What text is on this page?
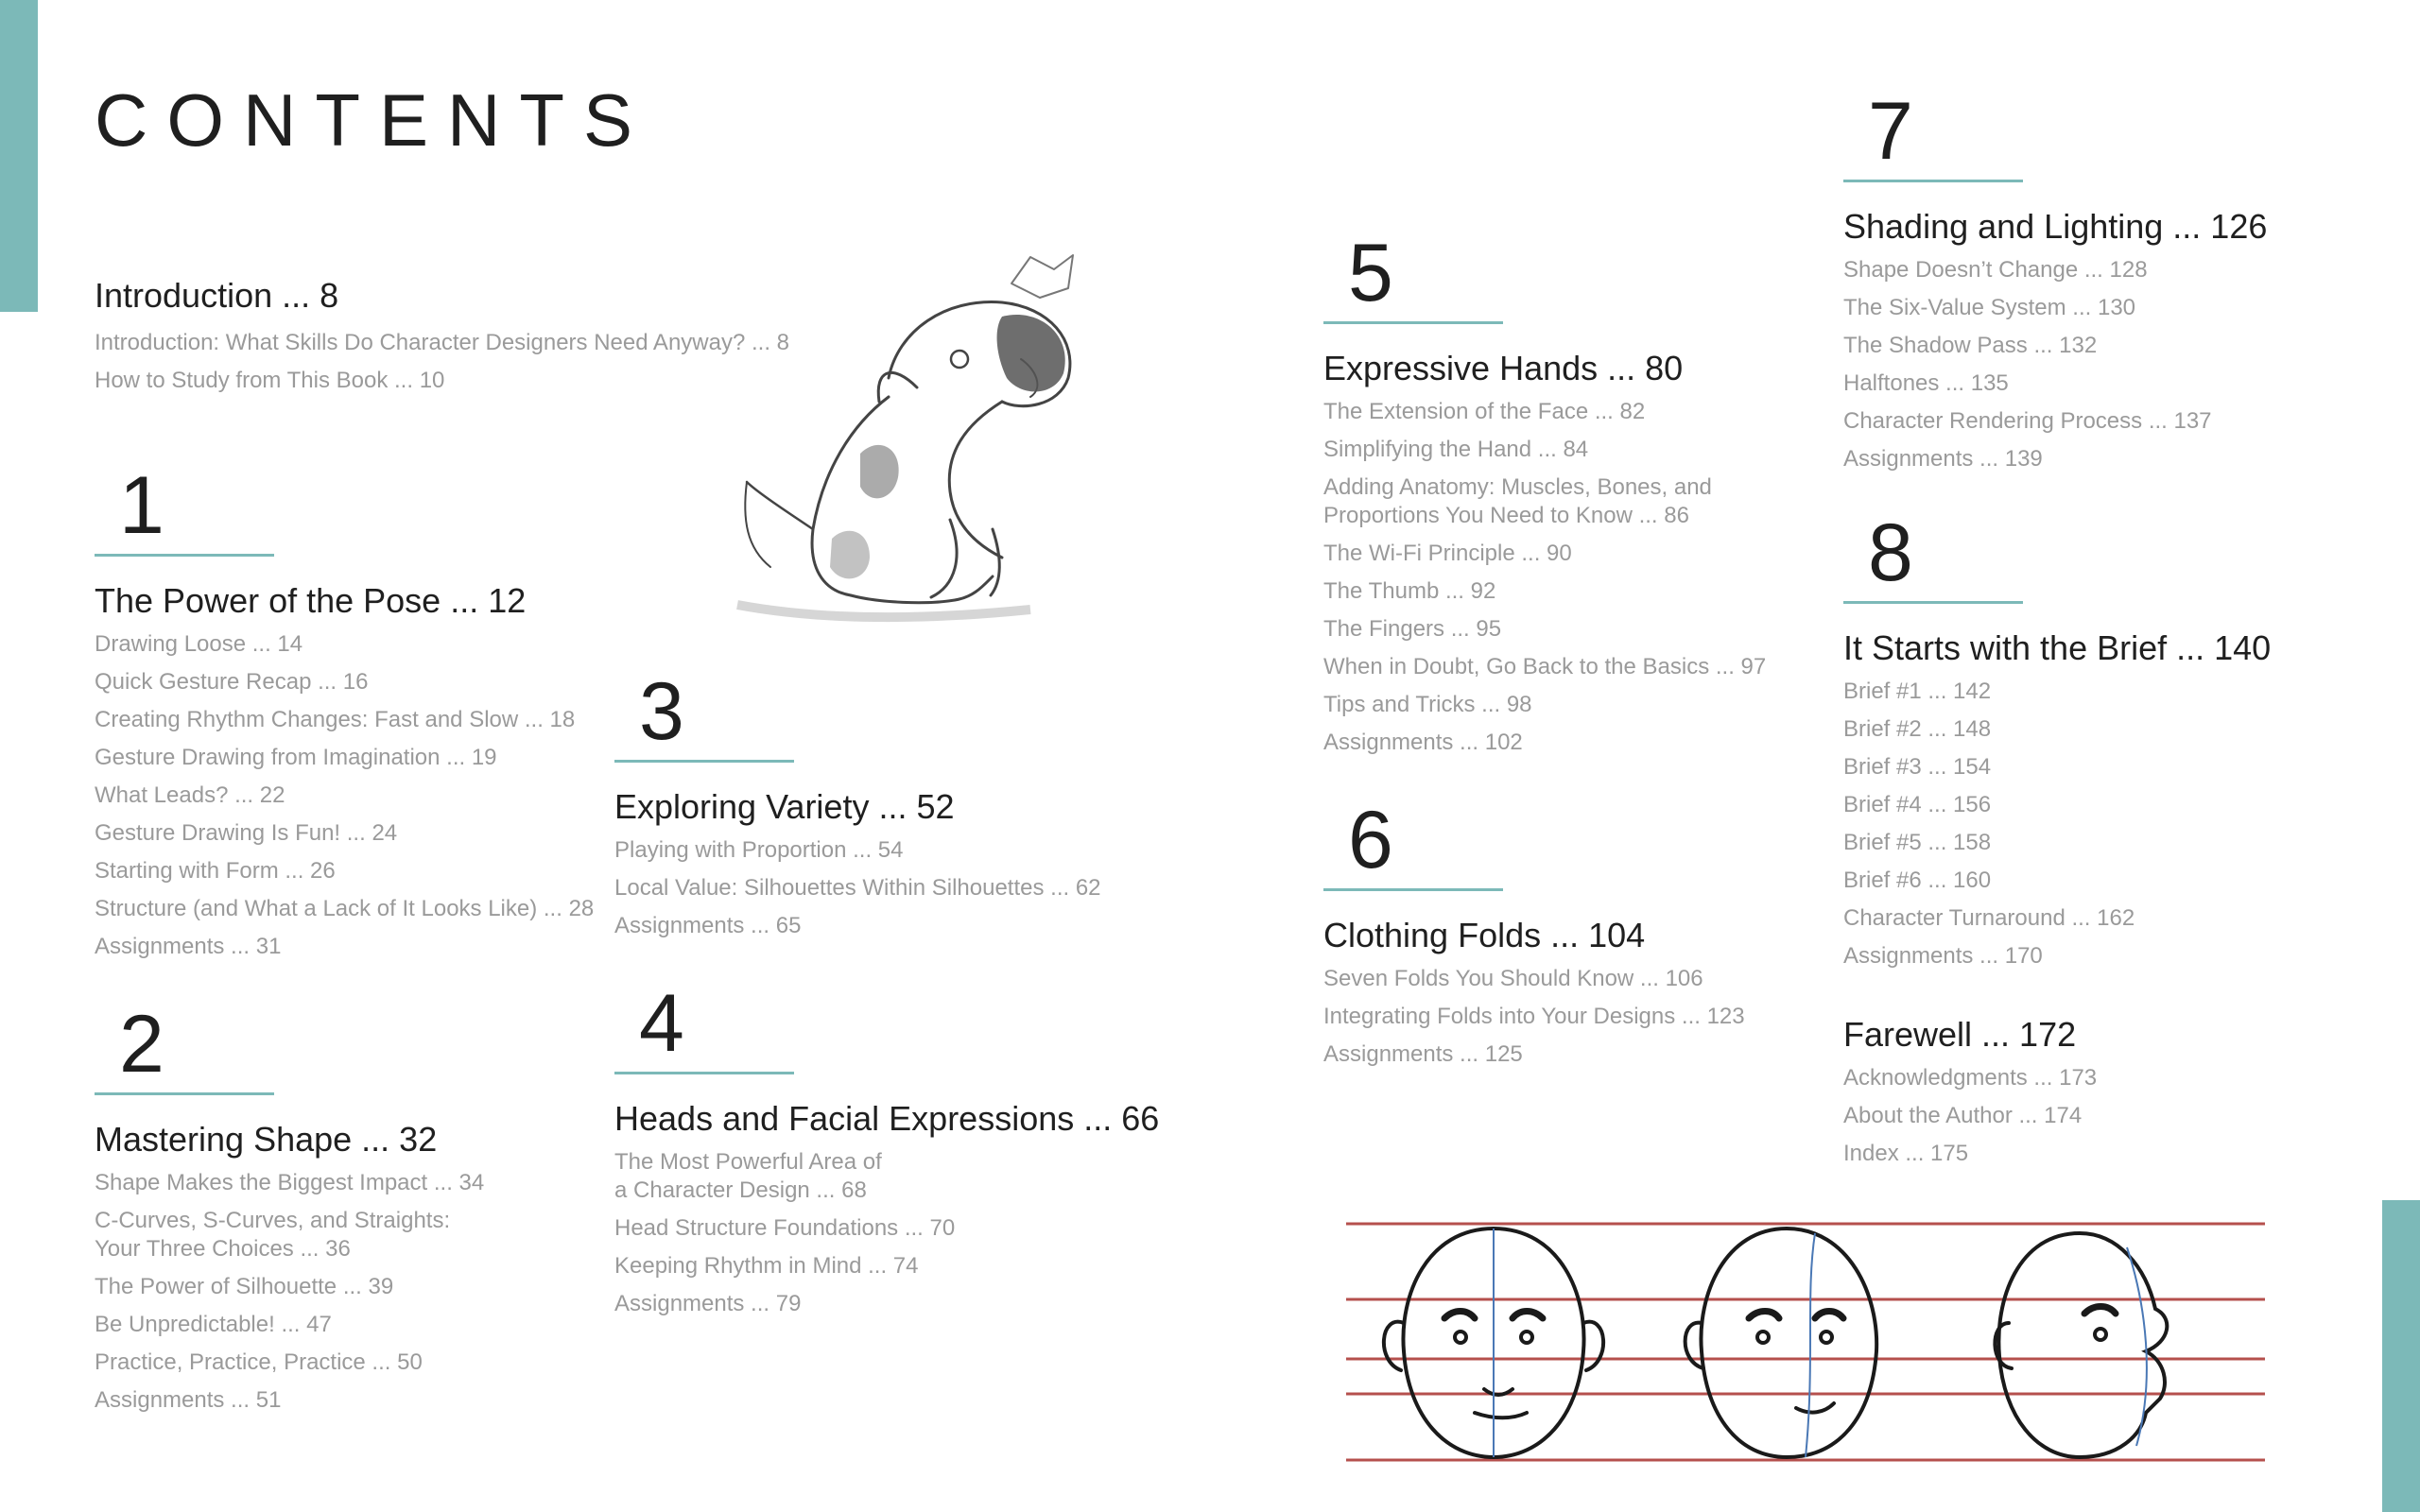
CONTENTS
Introduction ... 8
Introduction: What Skills Do Character Designers Need Anyway? ... 8
How to Study from This Book ... 10
1
The Power of the Pose ... 12
Drawing Loose ... 14
Quick Gesture Recap ... 16
Creating Rhythm Changes: Fast and Slow ... 18
Gesture Drawing from Imagination ... 19
What Leads? ... 22
Gesture Drawing Is Fun! ... 24
Starting with Form ... 26
Structure (and What a Lack of It Looks Like) ... 28
Assignments ... 31
2
Mastering Shape ... 32
Shape Makes the Biggest Impact ... 34
C-Curves, S-Curves, and Straights:
Your Three Choices ... 36
The Power of Silhouette ... 39
Be Unpredictable! ... 47
Practice, Practice, Practice ... 50
Assignments ... 51
3
Exploring Variety ... 52
Playing with Proportion ... 54
Local Value: Silhouettes Within Silhouettes ... 62
Assignments ... 65
4
Heads and Facial Expressions ... 66
The Most Powerful Area of
a Character Design ... 68
Head Structure Foundations ... 70
Keeping Rhythm in Mind ... 74
Assignments ... 79
5
Expressive Hands ... 80
The Extension of the Face ... 82
Simplifying the Hand ... 84
Adding Anatomy: Muscles, Bones, and
Proportions You Need to Know ... 86
The Wi-Fi Principle ... 90
The Thumb ... 92
The Fingers ... 95
When in Doubt, Go Back to the Basics ... 97
Tips and Tricks ... 98
Assignments ... 102
6
Clothing Folds ... 104
Seven Folds You Should Know ... 106
Integrating Folds into Your Designs ... 123
Assignments ... 125
7
Shading and Lighting ... 126
Shape Doesn’t Change ... 128
The Six-Value System ... 130
The Shadow Pass ... 132
Halftones ... 135
Character Rendering Process ... 137
Assignments ... 139
8
It Starts with the Brief ... 140
Brief #1 ... 142
Brief #2 ... 148
Brief #3 ... 154
Brief #4 ... 156
Brief #5 ... 158
Brief #6 ... 160
Character Turnaround ... 162
Assignments ... 170
Farewell ... 172
Acknowledgments ... 173
About the Author ... 174
Index ... 175
